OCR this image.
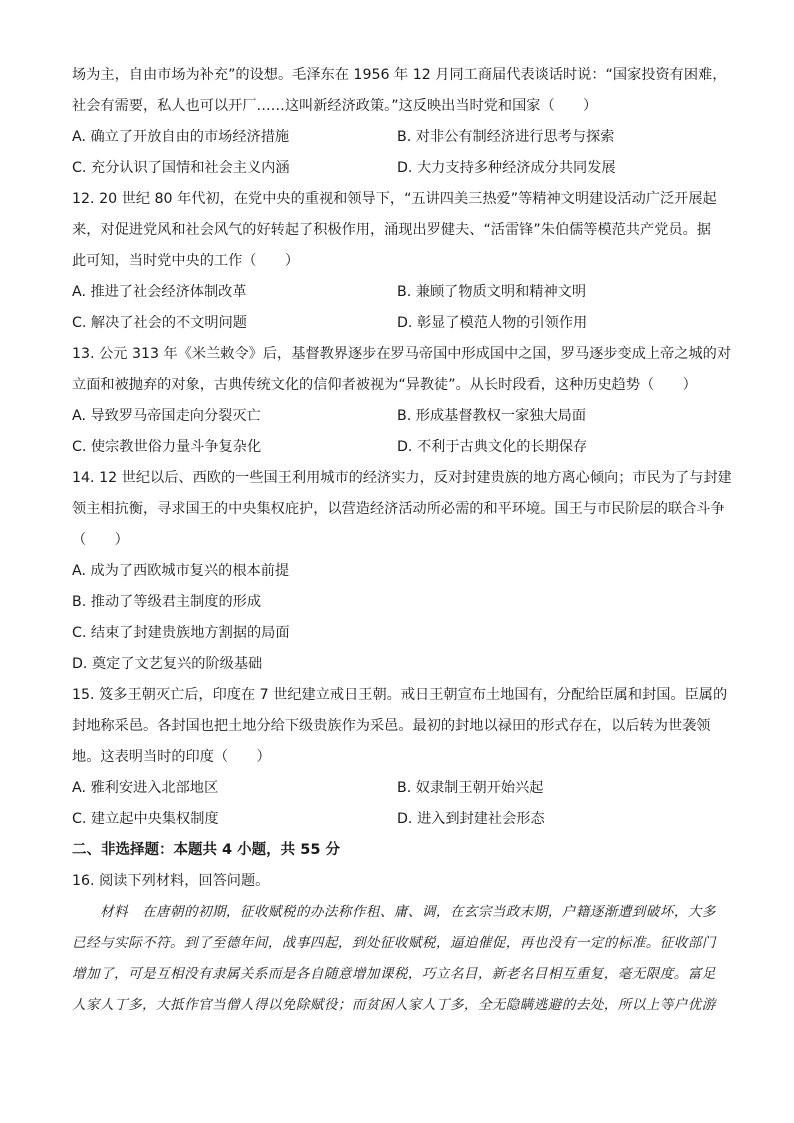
场为主，自由市场为补充”的设想。毛泽东在 1956 年 12 月同工商届代表谈话时说：“国家投资有困难，
社会有需要，私人也可以开厂……这叫新经济政策。”这反映出当时党和国家（　　）
A. 确立了开放自由的市场经济措施	B. 对非公有制经济进行思考与探索
C. 充分认识了国情和社会主义内涵	D. 大力支持多种经济成分共同发展
12. 20 世纪 80 年代初，在党中央的重视和领导下，“五讲四美三热爱”等精神文明建设活动广泛开展起
来，对促进党风和社会风气的好转起了积极作用，涌现出罗健夫、“活雷锋”朱伯儒等模范共产党员。据
此可知，当时党中央的工作（　　）
A. 推进了社会经济体制改革	B. 兼顾了物质文明和精神文明
C. 解决了社会的不文明问题	D. 彰显了模范人物的引领作用
13. 公元 313 年《米兰敕令》后，基督教界逐步在罗马帝国中形成国中之国，罗马逐步变成上帝之城的对
立面和被抛弃的对象，古典传统文化的信仰者被视为“异教徒”。从长时段看，这种历史趋势（　　）
A. 导致罗马帝国走向分裂灭亡	B. 形成基督教权一家独大局面
C. 使宗教世俗力量斗争复杂化	D. 不利于古典文化的长期保存
14. 12 世纪以后、西欧的一些国王利用城市的经济实力，反对封建贵族的地方离心倾向；市民为了与封建
领主相抗衡，寻求国王的中央集权庇护，以营造经济活动所必需的和平环境。国王与市民阶层的联合斗争
（　　）
A. 成为了西欧城市复兴的根本前提
B. 推动了等级君主制度的形成
C. 结束了封建贵族地方割据的局面
D. 奠定了文艺复兴的阶级基础
15. 笈多王朝灭亡后，印度在 7 世纪建立戒日王朝。戒日王朝宣布土地国有，分配给臣属和封国。臣属的
封地称采邑。各封国也把土地分给下级贵族作为采邑。最初的封地以禄田的形式存在，以后转为世袭领
地。这表明当时的印度（　　）
A. 雅利安进入北部地区	B. 奴隶制王朝开始兴起
C. 建立起中央集权制度	D. 进入到封建社会形态
二、非选择题：本题共 4 小题，共 55 分
16. 阅读下列材料，回答问题。
　　材料　在唐朝的初期，征收赋税的办法称作租、庸、调，在玄宗当政末期，户籍逐渐遭到破坏，大多
已经与实际不符。到了至德年间，战事四起，到处征收赋税，逼迫催促，再也没有一定的标准。征收部门
增加了，可是互相没有隶属关系而是各自随意增加课税，巧立名目，新老名目相互重复，毫无限度。富足
人家人丁多，大抵作官当僧人得以免除赋役；而贫困人家人丁多，全无隐瞒逃避的去处，所以上等户优游
